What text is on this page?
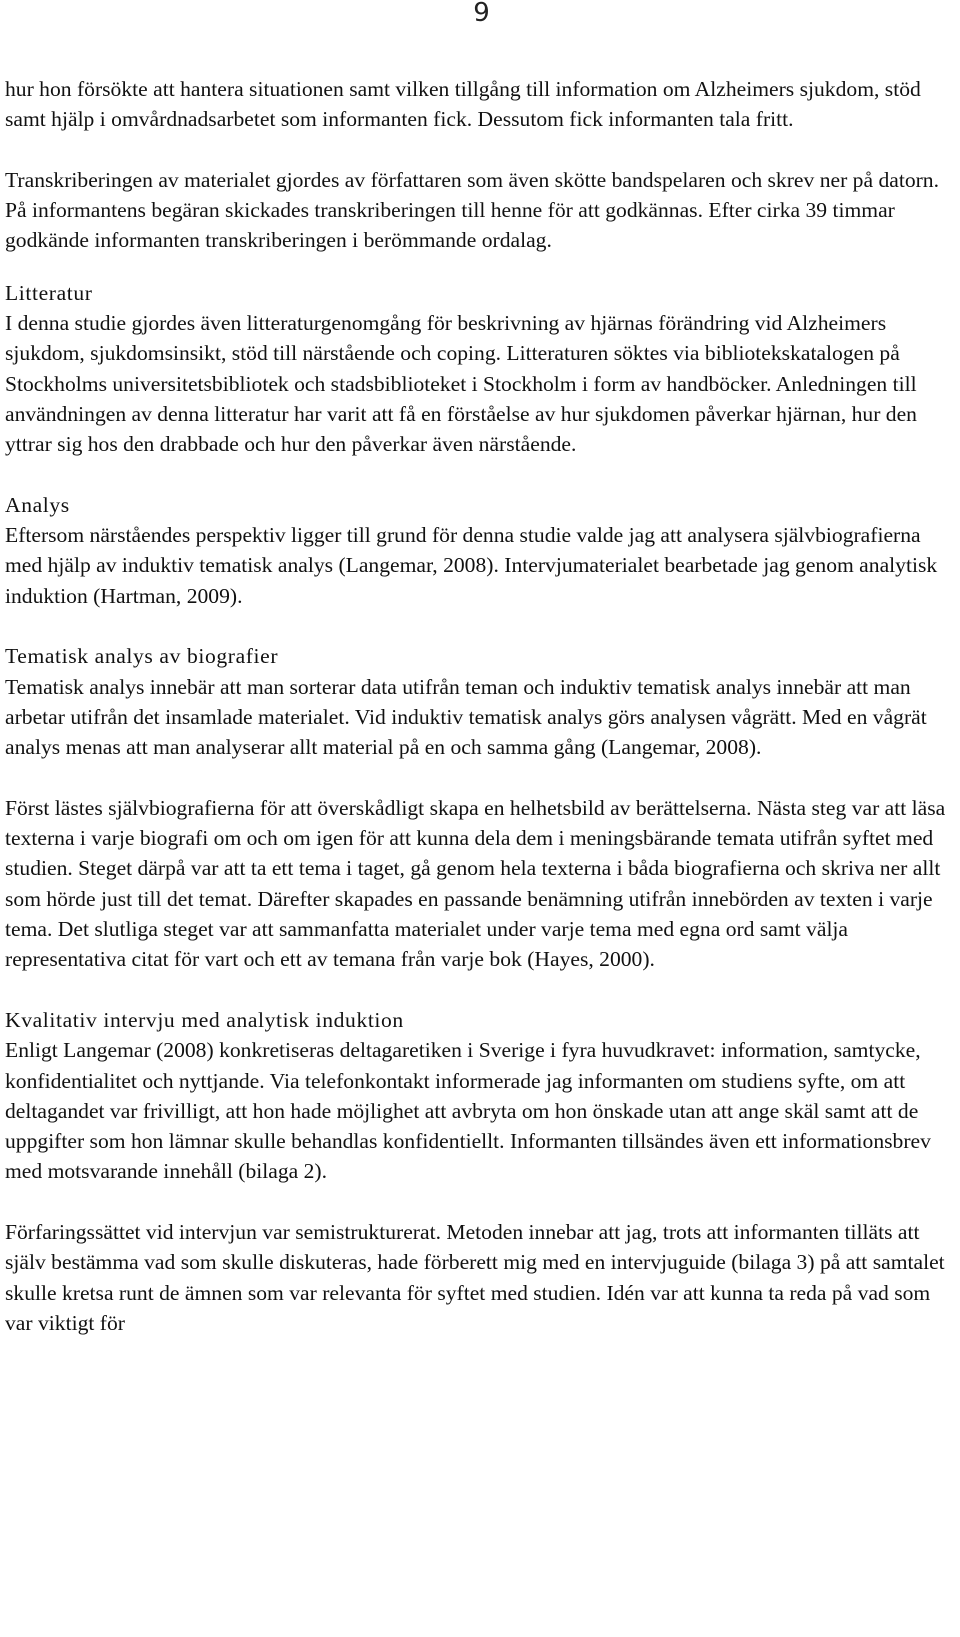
9

hur hon försökte att hantera situationen samt vilken tillgång till information om Alzheimers sjukdom, stöd samt hjälp i omvårdnadsarbetet som informanten fick. Dessutom fick informanten tala fritt.

Transkriberingen av materialet gjordes av författaren som även skötte bandspelaren och skrev ner på datorn. På informantens begäran skickades transkriberingen till henne för att godkännas. Efter cirka 39 timmar godkände informanten transkriberingen i berömmande ordalag.

Litteratur

I denna studie gjordes även litteraturgenomgång för beskrivning av hjärnas förändring vid Alzheimers sjukdom, sjukdomsinsikt, stöd till närstående och coping. Litteraturen söktes via bibliotekskatalogen på Stockholms universitetsbibliotek och stadsbiblioteket i Stockholm i form av handböcker. Anledningen till användningen av denna litteratur har varit att få en förståelse av hur sjukdomen påverkar hjärnan, hur den yttrar sig hos den drabbade och hur den påverkar även närstående.

Analys

Eftersom närståendes perspektiv ligger till grund för denna studie valde jag att analysera självbiografierna med hjälp av induktiv tematisk analys (Langemar, 2008). Intervjumaterialet bearbetade jag genom analytisk induktion (Hartman, 2009).

Tematisk analys av biografier

Tematisk analys innebär att man sorterar data utifrån teman och induktiv tematisk analys innebär att man arbetar utifrån det insamlade materialet. Vid induktiv tematisk analys görs analysen vågrätt. Med en vågrät analys menas att man analyserar allt material på en och samma gång (Langemar, 2008).

Först lästes självbiografierna för att överskådligt skapa en helhetsbild av berättelserna. Nästa steg var att läsa texterna i varje biografi om och om igen för att kunna dela dem i meningsbärande temata utifrån syftet med studien. Steget därpå var att ta ett tema i taget, gå genom hela texterna i båda biografierna och skriva ner allt som hörde just till det temat. Därefter skapades en passande benämning utifrån innebörden av texten i varje tema. Det slutliga steget var att sammanfatta materialet under varje tema med egna ord samt välja representativa citat för vart och ett av temana från varje bok (Hayes, 2000).

Kvalitativ intervju med analytisk induktion

Enligt Langemar (2008) konkretiseras deltagaretiken i Sverige i fyra huvudkravet: information, samtycke, konfidentialitet och nyttjande. Via telefonkontakt informerade jag informanten om studiens syfte, om att deltagandet var frivilligt, att hon hade möjlighet att avbryta om hon önskade utan att ange skäl samt att de uppgifter som hon lämnar skulle behandlas konfidentiellt. Informanten tillsändes även ett informationsbrev med motsvarande innehåll (bilaga 2).

Förfaringssättet vid intervjun var semistrukturerat. Metoden innebar att jag, trots att informanten tilläts att själv bestämma vad som skulle diskuteras, hade förberett mig med en intervjuguide (bilaga 3) på att samtalet skulle kretsa runt de ämnen som var relevanta för syftet med studien. Idén var att kunna ta reda på vad som var viktigt för
